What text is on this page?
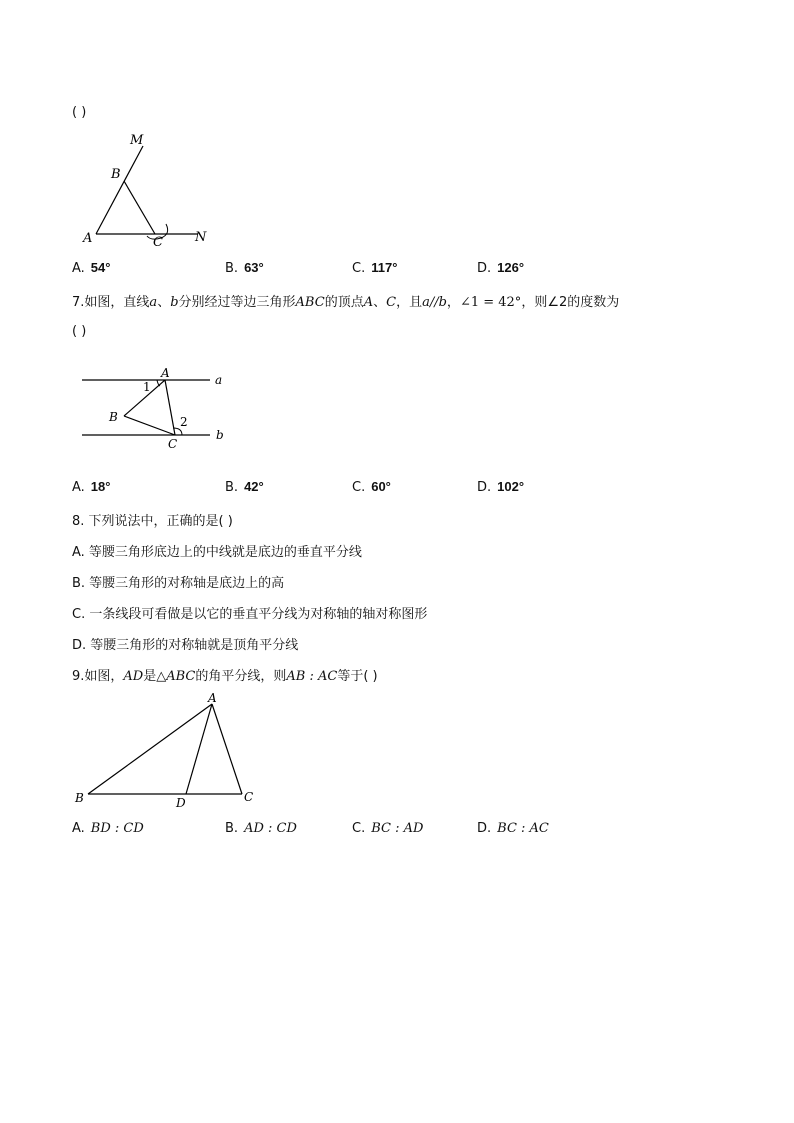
( )
M
B
A	C N
A. 54°	B. 63°	C. 117°	D. 126°
7.如图，直线a、b分别经过等边三角形ABC的顶点A、C，且a//b，∠1 = 42°，则∠2的度数为
( )
A
1	a
B	2
C
b
A. 18°	B. 42°	C. 60°	D. 102°
8. 下列说法中，正确的是( )
A. 等腰三角形底边上的中线就是底边的垂直平分线
B. 等腰三角形的对称轴是底边上的高
C. 一条线段可看做是以它的垂直平分线为对称轴的轴对称图形
D. 等腰三角形的对称轴就是顶角平分线
9.如图，AD是△ABC的角平分线，则AB : AC等于( )
A
B	D	C
A. BD : CD	B. AD : CD	C. BC : AD	D. BC : AC
